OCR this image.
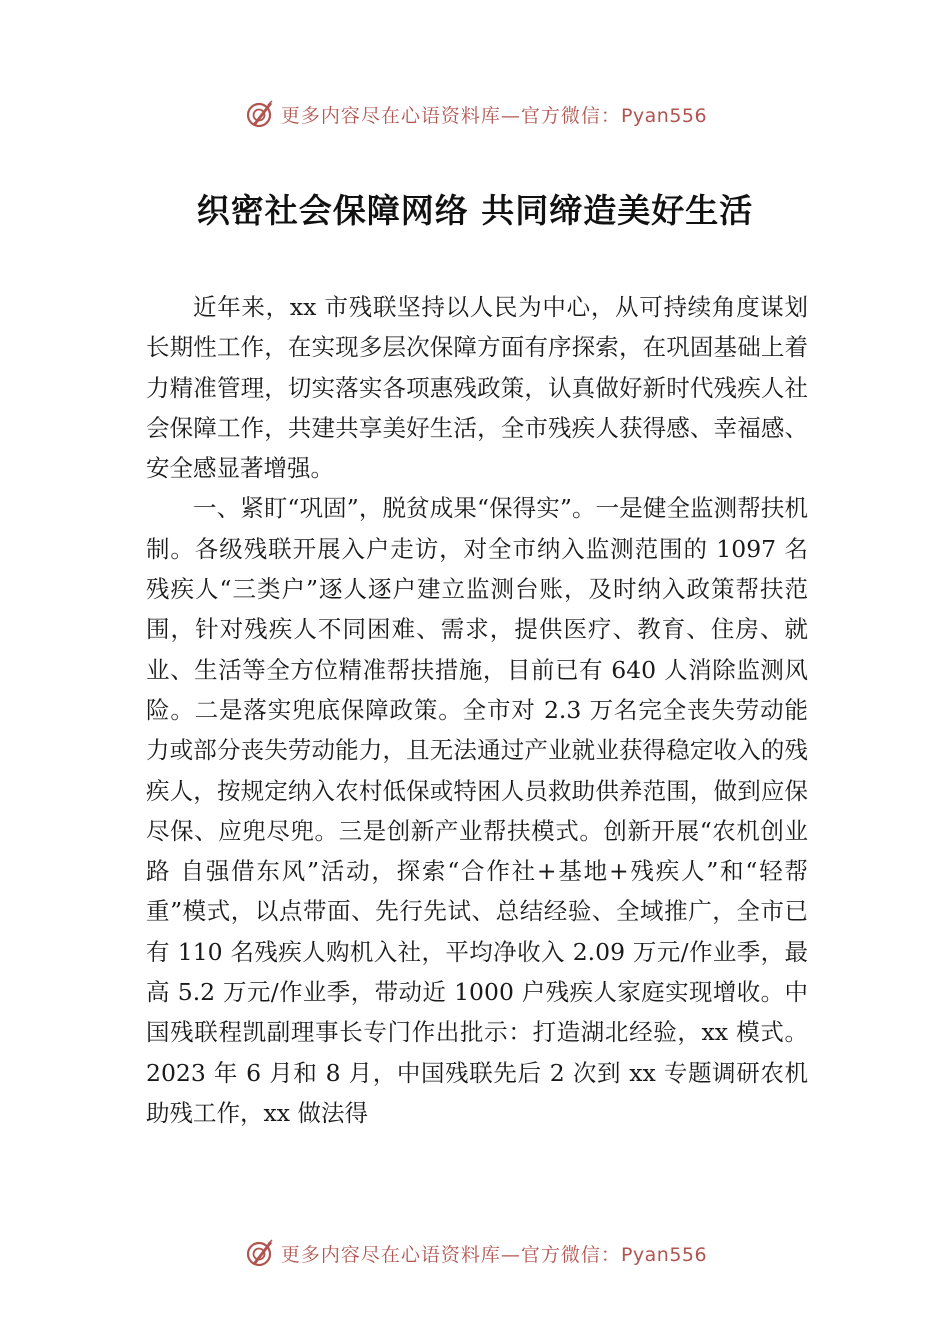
更多内容尽在心语资料库—官方微信：Pyan556
织密社会保障网络 共同缔造美好生活

近年来，xx 市残联坚持以人民为中心，从可持续角度谋划长期性工作，在实现多层次保障方面有序探索，在巩固基础上着力精准管理，切实落实各项惠残政策，认真做好新时代残疾人社会保障工作，共建共享美好生活，全市残疾人获得感、幸福感、安全感显著增强。

一、紧盯“巩固”，脱贫成果“保得实”。一是健全监测帮扶机制。各级残联开展入户走访，对全市纳入监测范围的 1097 名残疾人“三类户”逐人逐户建立监测台账，及时纳入政策帮扶范围，针对残疾人不同困难、需求，提供医疗、教育、住房、就业、生活等全方位精准帮扶措施，目前已有 640 人消除监测风险。二是落实兜底保障政策。全市对 2.3 万名完全丧失劳动能力或部分丧失劳动能力，且无法通过产业就业获得稳定收入的残疾人，按规定纳入农村低保或特困人员救助供养范围，做到应保尽保、应兜尽兜。三是创新产业帮扶模式。创新开展“农机创业路 自强借东风”活动，探索“合作社+基地+残疾人”和“轻帮重”模式，以点带面、先行先试、总结经验、全域推广，全市已有 110 名残疾人购机入社，平均净收入 2.09 万元/作业季，最高 5.2 万元/作业季，带动近 1000 户残疾人家庭实现增收。中国残联程凯副理事长专门作出批示：打造湖北经验，xx 模式。2023 年 6 月和 8 月，中国残联先后 2 次到 xx 专题调研农机助残工作，xx 做法得

更多内容尽在心语资料库—官方微信：Pyan556
